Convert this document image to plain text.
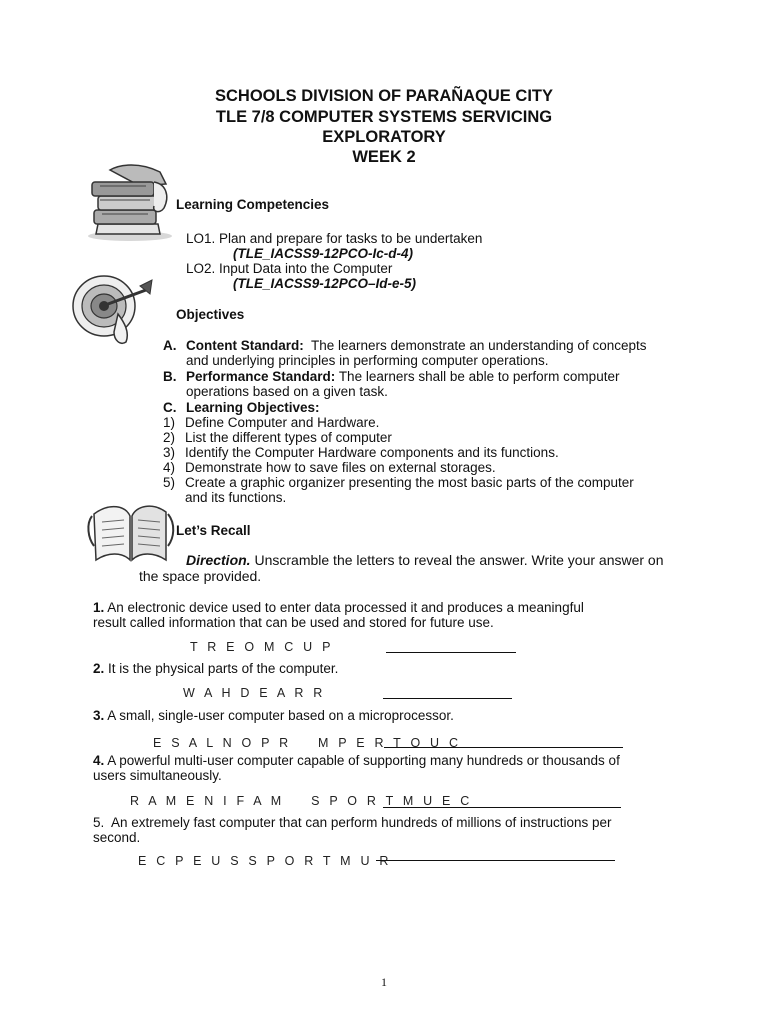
SCHOOLS DIVISION OF PARAÑAQUE CITY
TLE 7/8 COMPUTER SYSTEMS SERVICING
EXPLORATORY
WEEK 2
Learning Competencies
LO1. Plan and prepare for tasks to be undertaken
(TLE_IACSS9-12PCO-Ic-d-4)
LO2. Input Data into the Computer
(TLE_IACSS9-12PCO–Id-e-5)
Objectives
A. Content Standard: The learners demonstrate an understanding of concepts
and underlying principles in performing computer operations.
B. Performance Standard: The learners shall be able to perform computer
operations based on a given task.
C. Learning Objectives:
1) Define Computer and Hardware.
2) List the different types of computer
3) Identify the Computer Hardware components and its functions.
4) Demonstrate how to save files on external storages.
5) Create a graphic organizer presenting the most basic parts of the computer
and its functions.
Let’s Recall
Direction. Unscramble the letters to reveal the answer. Write your answer on
the space provided.
1. An electronic device used to enter data processed it and produces a meaningful
result called information that can be used and stored for future use.
T R E O M C U P
2. It is the physical parts of the computer.
W A H D E A R R
3. A small, single-user computer based on a microprocessor.
E S A L N O P R    M P E R T O U C
4. A powerful multi-user computer capable of supporting many hundreds or thousands of
users simultaneously.
R A M E N I F A M    S P O R T M U E C
5. An extremely fast computer that can perform hundreds of millions of instructions per
second.
E C P E U S S P O R T M U R
1
